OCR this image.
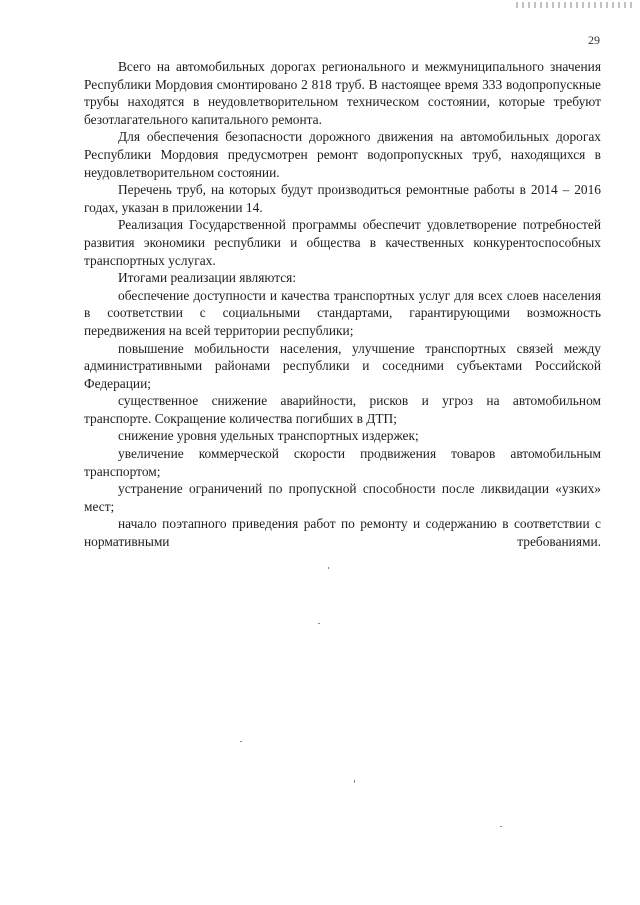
29

Всего на автомобильных дорогах регионального и межмуниципального значения Республики Мордовия смонтировано 2 818 труб. В настоящее время 333 водопропускные трубы находятся в неудовлетворительном техническом состоянии, которые требуют безотлагательного капитального ремонта.

Для обеспечения безопасности дорожного движения на автомобильных дорогах Республики Мордовия предусмотрен ремонт водопропускных труб, находящихся в неудовлетворительном состоянии.

Перечень труб, на которых будут производиться ремонтные работы в 2014 – 2016 годах, указан в приложении 14.

Реализация Государственной программы обеспечит удовлетворение потребностей развития экономики республики и общества в качественных конкурентоспособных транспортных услугах.

Итогами реализации являются:

обеспечение доступности и качества транспортных услуг для всех слоев населения в соответствии с социальными стандартами, гарантирующими возможность передвижения на всей территории республики;

повышение мобильности населения, улучшение транспортных связей между административными районами республики и соседними субъектами Российской Федерации;

существенное снижение аварийности, рисков и угроз на автомобильном транспорте. Сокращение количества погибших в ДТП;

снижение уровня удельных транспортных издержек;

увеличение коммерческой скорости продвижения товаров автомобильным транспортом;

устранение ограничений по пропускной способности после ликвидации «узких» мест;

начало поэтапного приведения работ по ремонту и содержанию в соответствии с нормативными требованиями.
